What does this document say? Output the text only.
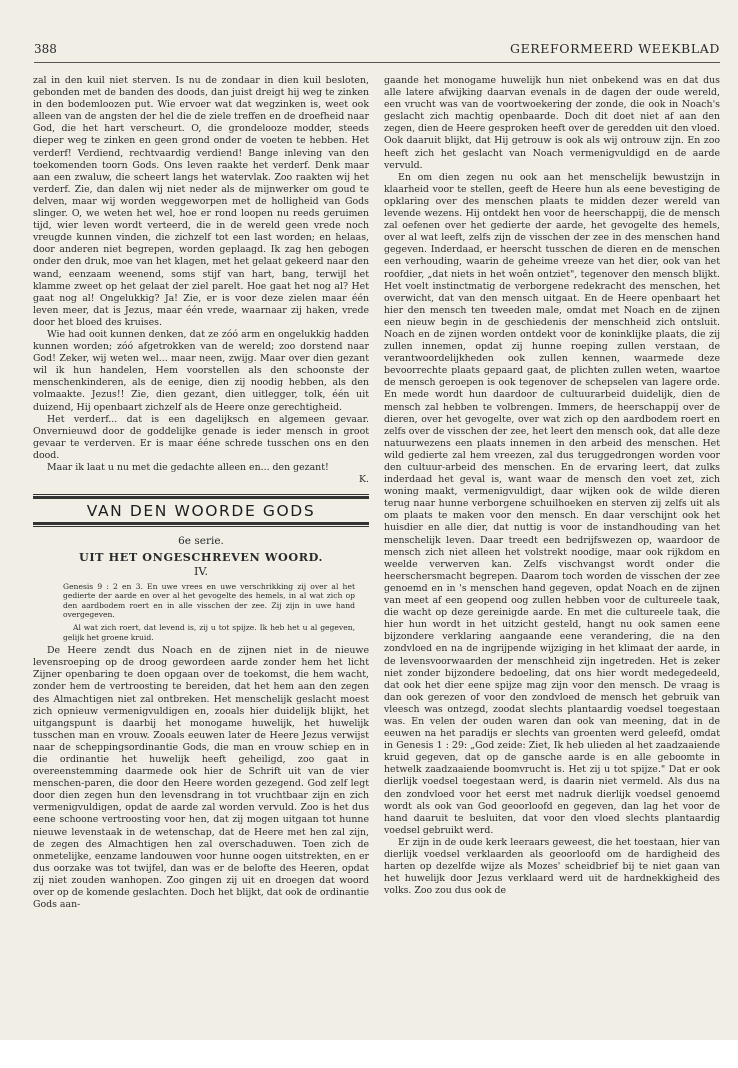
388	GEREFORMEERD WEEKBLAD

zal in den kuil niet sterven. Is nu de zondaar in dien kuil besloten, gebonden met de banden des doods, dan juist dreigt hij weg te zinken in den bodemloozen put. Wie ervoer wat dat wegzinken is, weet ook alleen van de angsten der hel die de ziele treffen en de droefheid naar God, die het hart verscheurt. O, die grondelooze modder, steeds dieper weg te zinken en geen grond onder de voeten te hebben. Het verderf! Verdiend, rechtvaardig verdiend! Bange inleving van den toekomenden toorn Gods. Ons leven raakte het verderf. Denk maar aan een zwaluw, die scheert langs het watervlak. Zoo raakten wij het verderf. Zie, dan dalen wij niet neder als de mijnwerker om goud te delven, maar wij worden weggeworpen met de holligheid van Gods slinger. O, we weten het wel, hoe er rond loopen nu reeds geruimen tijd, wier leven wordt verteerd, die in de wereld geen vrede noch vreugde kunnen vinden, die zichzelf tot een last worden; en helaas, door anderen niet begrepen, worden geplaagd. Ik zag hen gebogen onder den druk, moe van het klagen, met het gelaat gekeerd naar den wand, eenzaam weenend, soms stijf van hart, bang, terwijl het klamme zweet op het gelaat der ziel parelt. Hoe gaat het nog al? Het gaat nog al! Ongelukkig? Ja! Zie, er is voor deze zielen maar één leven meer, dat is Jezus, maar één vrede, waarnaar zij haken, vrede door het bloed des kruises.

Wie had ooit kunnen denken, dat ze zóó arm en ongelukkig hadden kunnen worden; zóó afgetrokken van de wereld; zoo dorstend naar God! Zeker, wij weten wel... maar neen, zwijg. Maar over dien gezant wil ik hun handelen, Hem voorstellen als den schoonste der menschenkinderen, als de eenige, dien zij noodig hebben, als den volmaakte. Jezus!! Zie, dien gezant, dien uitlegger, tolk, één uit duizend, Hij openbaart zichzelf als de Heere onze gerechtigheid.

Het verderf... dat is een dagelijksch en algemeen gevaar. Onvernieuwd door de goddelijke genade is ieder mensch in groot gevaar te verderven. Er is maar ééne schrede tusschen ons en den dood.

Maar ik laat u nu met die gedachte alleen en... den gezant!

K.

VAN DEN WOORDE GODS

6e serie.

UIT HET ONGESCHREVEN WOORD.

IV.

Genesis 9 : 2 en 3. En uwe vrees en uwe verschrikking zij over al het gedierte der aarde en over al het gevogelte des hemels, in al wat zich op den aardbodem roert en in alle visschen der zee. Zij zijn in uwe hand overgegeven.

Al wat zich roert, dat levend is, zij u tot spijze. Ik heb het u al gegeven, gelijk het groene kruid.

De Heere zendt dus Noach en de zijnen niet in de nieuwe levensroeping op de droog gewordeen aarde zonder hem het licht Zijner openbaring te doen opgaan over de toekomst, die hem wacht, zonder hem de vertroosting te bereiden, dat het hem aan den zegen des Almachtigen niet zal ontbreken. Het menschelijk geslacht moest zich opnieuw vermenigvuldigen en, zooals hier duidelijk blijkt, het uitgangspunt is daarbij het monogame huwelijk, het huwelijk tusschen man en vrouw. Zooals eeuwen later de Heere Jezus verwijst naar de scheppingsordinantie Gods, die man en vrouw schiep en in die ordinantie het huwelijk heeft geheiligd, zoo gaat in overeenstemming daarmede ook hier de Schrift uit van de vier menschen-paren, die door den Heere worden gezegend. God zelf legt door dien zegen hun den levensdrang in tot vruchtbaar zijn en zich vermenigvuldigen, opdat de aarde zal worden vervuld. Zoo is het dus eene schoone vertroosting voor hen, dat zij mogen uitgaan tot hunne nieuwe levenstaak in de wetenschap, dat de Heere met hen zal zijn, de zegen des Almachtigen hen zal overschaduwen. Toen zich de onmetelijke, eenzame landouwen voor hunne oogen uitstrekten, en er dus oorzake was tot twijfel, dan was er de belofte des Heeren, opdat zij niet zouden wanhopen. Zoo gingen zij uit en droegen dat woord over op de komende geslachten. Doch het blijkt, dat ook de ordinantie Gods aan-

gaande het monogame huwelijk hun niet onbekend was en dat dus alle latere afwijking daarvan evenals in de dagen der oude wereld, een vrucht was van de voortwoekering der zonde, die ook in Noach's geslacht zich machtig openbaarde. Doch dit doet niet af aan den zegen, dien de Heere gesproken heeft over de geredden uit den vloed. Ook daaruit blijkt, dat Hij getrouw is ook als wij ontrouw zijn. En zoo heeft zich het geslacht van Noach vermenigvuldigd en de aarde vervuld.

En om dien zegen nu ook aan het menschelijk bewustzijn in klaarheid voor te stellen, geeft de Heere hun als eene bevestiging de opklaring over des menschen plaats te midden dezer wereld van levende wezens. Hij ontdekt hen voor de heerschappij, die de mensch zal oefenen over het gedierte der aarde, het gevogelte des hemels, over al wat leeft, zelfs zijn de visschen der zee in des menschen hand gegeven. Inderdaad, er heerscht tusschen de dieren en de menschen een verhouding, waarin de geheime vreeze van het dier, ook van het roofdier, „dat niets in het woên ontziet", tegenover den mensch blijkt. Het voelt instinctmatig de verborgene redekracht des menschen, het overwicht, dat van den mensch uitgaat. En de Heere openbaart het hier den mensch ten tweeden male, omdat met Noach en de zijnen een nieuw begin in de geschiedenis der menschheid zich ontsluit. Noach en de zijnen worden ontdekt voor de koninklijke plaats, die zij zullen innemen, opdat zij hunne roeping zullen verstaan, de verantwoordelijkheden ook zullen kennen, waarmede deze bevoorrechte plaats gepaard gaat, de plichten zullen weten, waartoe de mensch geroepen is ook tegenover de schepselen van lagere orde. En mede wordt hun daardoor de cultuurarbeid duidelijk, dien de mensch zal hebben te volbrengen. Immers, de heerschappij over de dieren, over het gevogelte, over wat zich op den aardbodem roert en zelfs over de visschen der zee, het leert den mensch ook, dat alle deze natuurwezens een plaats innemen in den arbeid des menschen. Het wild gedierte zal hem vreezen, zal dus teruggedrongen worden voor den cultuur-arbeid des menschen. En de ervaring leert, dat zulks inderdaad het geval is, want waar de mensch den voet zet, zich woning maakt, vermenigvuldigt, daar wijken ook de wilde dieren terug naar hunne verborgene schuilhoeken en sterven zij zelfs uit als om plaats te maken voor den mensch. En daar verschijnt ook het huisdier en alle dier, dat nuttig is voor de instandhouding van het menschelijk leven. Daar treedt een bedrijfswezen op, waardoor de mensch zich niet alleen het volstrekt noodige, maar ook rijkdom en weelde verwerven kan. Zelfs vischvangst wordt onder die heerschersmacht begrepen. Daarom toch worden de visschen der zee genoemd en in 's menschen hand gegeven, opdat Noach en de zijnen van meet af een geopend oog zullen hebben voor de cultureele taak, die wacht op deze gereinigde aarde. En met die cultureele taak, die hier hun wordt in het uitzicht gesteld, hangt nu ook samen eene bijzondere verklaring aangaande eene verandering, die na den zondvloed en na de ingrijpende wijziging in het klimaat der aarde, in de levensvoorwaarden der menschheid zijn ingetreden. Het is zeker niet zonder bijzondere bedoeling, dat ons hier wordt medegedeeld, dat ook het dier eene spijze mag zijn voor den mensch. De vraag is dan ook gerezen of voor den zondvloed de mensch het gebruik van vleesch was ontzegd, zoodat slechts plantaardig voedsel toegestaan was. En velen der ouden waren dan ook van meening, dat in de eeuwen na het paradijs er slechts van groenten werd geleefd, omdat in Genesis 1 : 29: „God zeide: Ziet, Ik heb ulieden al het zaadzaaiende kruid gegeven, dat op de gansche aarde is en alle geboomte in hetwelk zaadzaaiende boomvrucht is. Het zij u tot spijze." Dat er ook dierlijk voedsel toegestaan werd, is daarin niet vermeld. Als dus na den zondvloed voor het eerst met nadruk dierlijk voedsel genoemd wordt als ook van God geoorloofd en gegeven, dan lag het voor de hand daaruit te besluiten, dat voor den vloed slechts plantaardig voedsel gebruikt werd.

Er zijn in de oude kerk leeraars geweest, die het toestaan, hier van dierlijk voedsel verklaarden als geoorloofd om de hardigheid des harten op dezelfde wijze als Mozes' scheidbrief bij te niet gaan van het huwelijk door Jezus verklaard werd uit de hardnekkigheid des volks. Zoo zou dus ook de
